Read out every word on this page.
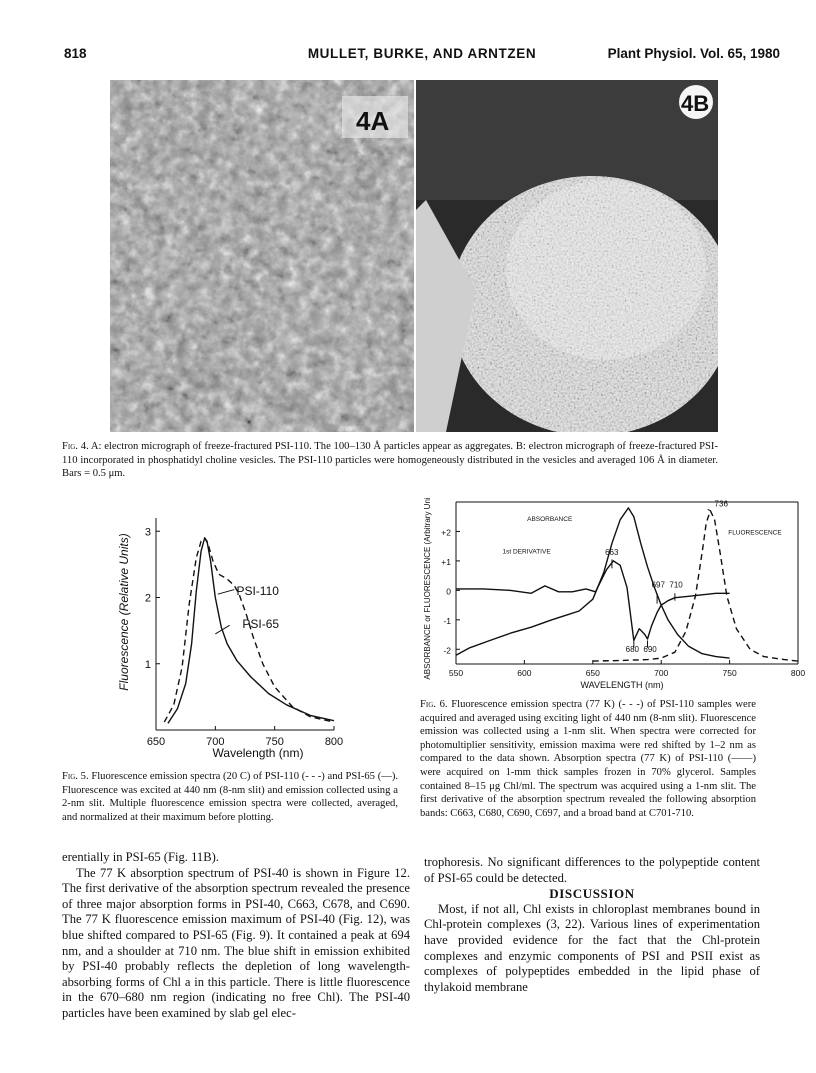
818	MULLET, BURKE, AND ARNTZEN	Plant Physiol. Vol. 65, 1980
4A
4B
Fig. 4. A: electron micrograph of freeze-fractured PSI-110. The 100–130 Å particles appear as aggregates. B: electron micrograph of freeze-fractured PSI-110 incorporated in phosphatidyl choline vesicles. The PSI-110 particles were homogeneously distributed in the vesicles and averaged 106 Å in diameter. Bars = 0.5 μm.
Fluorescence (Relative Units)
Wavelength (nm)
650	700	750	800
1
2
3
PSI-110
PSI-65
Fig. 5. Fluorescence emission spectra (20 C) of PSI-110 (- - -) and PSI-65 (—). Fluorescence was excited at 440 nm (8-nm slit) and emission collected using a 2-nm slit. Multiple fluorescence emission spectra were collected, averaged, and normalized at their maximum before plotting.
ABSORBANCE or FLUORESCENCE (Arbitrary Units)
WAVELENGTH (nm)
550	600	650	700	750	800
+2
+1
0
-1
-2
ABSORBANCE
1st DERIVATIVE	663
697 710
680 690
736
FLUORESCENCE
Fig. 6. Fluorescence emission spectra (77 K) (- - -) of PSI-110 samples were acquired and averaged using exciting light of 440 nm (8-nm slit). Fluorescence emission was collected using a 1-nm slit. When spectra were corrected for photomultiplier sensitivity, emission maxima were red shifted by 1–2 nm as compared to the data shown. Absorption spectra (77 K) of PSI-110 (——) were acquired on 1-mm thick samples frozen in 70% glycerol. Samples contained 8–15 μg Chl/ml. The spectrum was acquired using a 1-nm slit. The first derivative of the absorption spectrum revealed the following absorption bands: C663, C680, C690, C697, and a broad band at C701-710.

erentially in PSI-65 (Fig. 11B).

The 77 K absorption spectrum of PSI-40 is shown in Figure 12. The first derivative of the absorption spectrum revealed the presence of three major absorption forms in PSI-40, C663, C678, and C690. The 77 K fluorescence emission maximum of PSI-40 (Fig. 12), was blue shifted compared to PSI-65 (Fig. 9). It contained a peak at 694 nm, and a shoulder at 710 nm. The blue shift in emission exhibited by PSI-40 probably reflects the depletion of long wavelength-absorbing forms of Chl a in this particle. There is little fluorescence in the 670–680 nm region (indicating no free Chl). The PSI-40 particles have been examined by slab gel elec-

trophoresis. No significant differences to the polypeptide content of PSI-65 could be detected.

DISCUSSION

Most, if not all, Chl exists in chloroplast membranes bound in Chl-protein complexes (3, 22). Various lines of experimentation have provided evidence for the fact that the Chl-protein complexes and enzymic components of PSI and PSII exist as complexes of polypeptides embedded in the lipid phase of thylakoid membrane
